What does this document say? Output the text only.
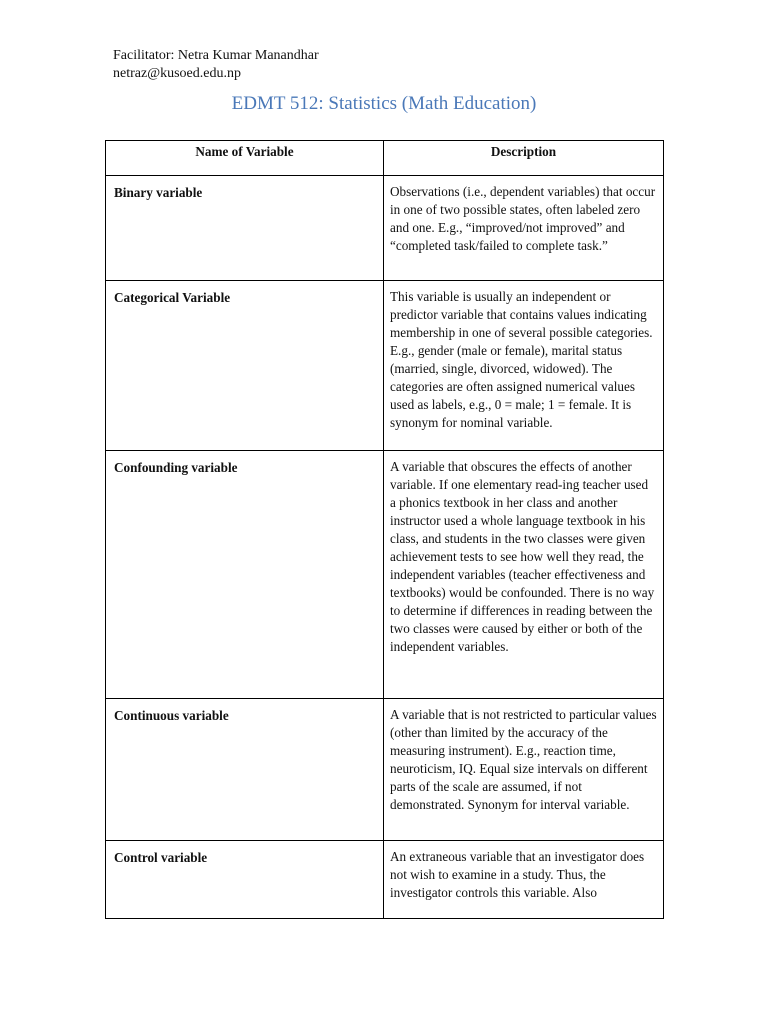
Facilitator: Netra Kumar Manandhar
netraz@kusoed.edu.np
EDMT 512: Statistics (Math Education)
Name of Variable	Description
Binary variable	Observations (i.e., dependent variables) that occur in one of two possible states, often labeled zero and one. E.g., “improved/not improved” and “completed task/failed to complete task.”
Categorical Variable	This variable is usually an independent or predictor variable that contains values indicating membership in one of several possible categories. E.g., gender (male or female), marital status (married, single, divorced, widowed). The categories are often assigned numerical values used as labels, e.g., 0 = male; 1 = female. It is synonym for nominal variable.
Confounding variable	A variable that obscures the effects of another variable. If one elementary read-ing teacher used a phonics textbook in her class and another instructor used a whole language textbook in his class, and students in the two classes were given achievement tests to see how well they read, the independent variables (teacher effectiveness and textbooks) would be confounded. There is no way to determine if differences in reading between the two classes were caused by either or both of the independent variables.
Continuous variable	A variable that is not restricted to particular values (other than limited by the accuracy of the measuring instrument). E.g., reaction time, neuroticism, IQ. Equal size intervals on different parts of the scale are assumed, if not demonstrated. Synonym for interval variable.
Control variable	An extraneous variable that an investigator does not wish to examine in a study. Thus, the investigator controls this variable. Also
